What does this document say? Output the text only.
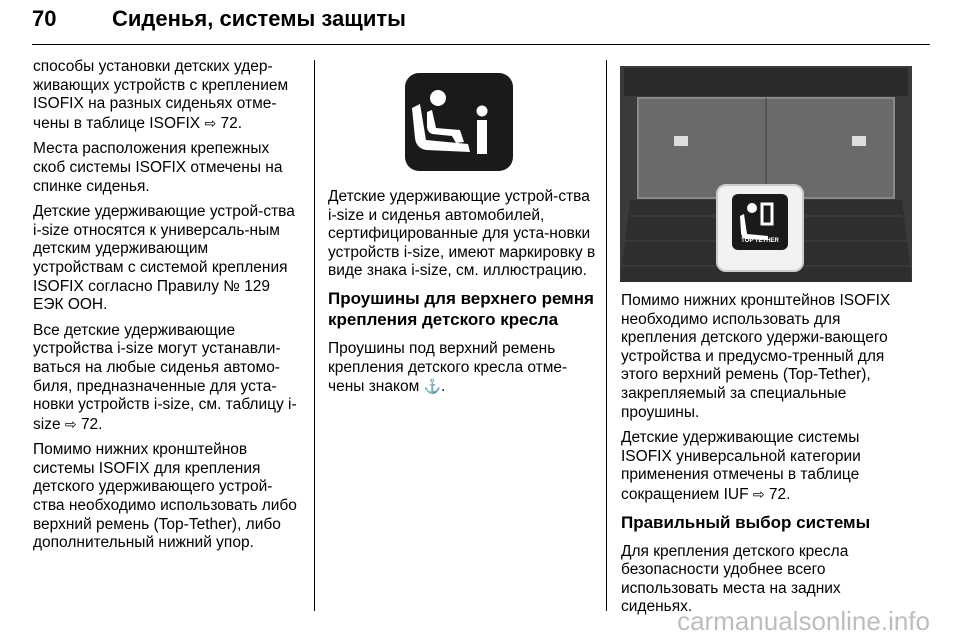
70	Сиденья, системы защиты

способы установки детских удер-живающих устройств с креплением ISOFIX на разных сиденьях отме-чены в таблице ISOFIX ⇨ 72.

Места расположения крепежных скоб системы ISOFIX отмечены на спинке сиденья.

Детские удерживающие устрой-ства i-size относятся к универсаль-ным детским удерживающим устройствам с системой крепления ISOFIX согласно Правилу № 129 ЕЭК ООН.

Все детские удерживающие устройства i-size могут устанавли-ваться на любые сиденья автомо-биля, предназначенные для уста-новки устройств i-size, см. таблицу i-size ⇨ 72.

Помимо нижних кронштейнов системы ISOFIX для крепления детского удерживающего устрой-ства необходимо использовать либо верхний ремень (Top-Tether), либо дополнительный нижний упор.

Детские удерживающие устрой-ства i-size и сиденья автомобилей, сертифицированные для уста-новки устройств i-size, имеют маркировку в виде знака i-size, см. иллюстрацию.

Проушины для верхнего ремня крепления детского кресла

Проушины под верхний ремень крепления детского кресла отме-чены знаком ⚓.

TOP TETHER

Помимо нижних кронштейнов ISOFIX необходимо использовать для крепления детского удержи-вающего устройства и предусмо-тренный для этого верхний ремень (Top-Tether), закрепляемый за специальные проушины.

Детские удерживающие системы ISOFIX универсальной категории применения отмечены в таблице сокращением IUF ⇨ 72.

Правильный выбор системы

Для крепления детского кресла безопасности удобнее всего использовать места на задних сиденьях.

carmanualsonline.info
